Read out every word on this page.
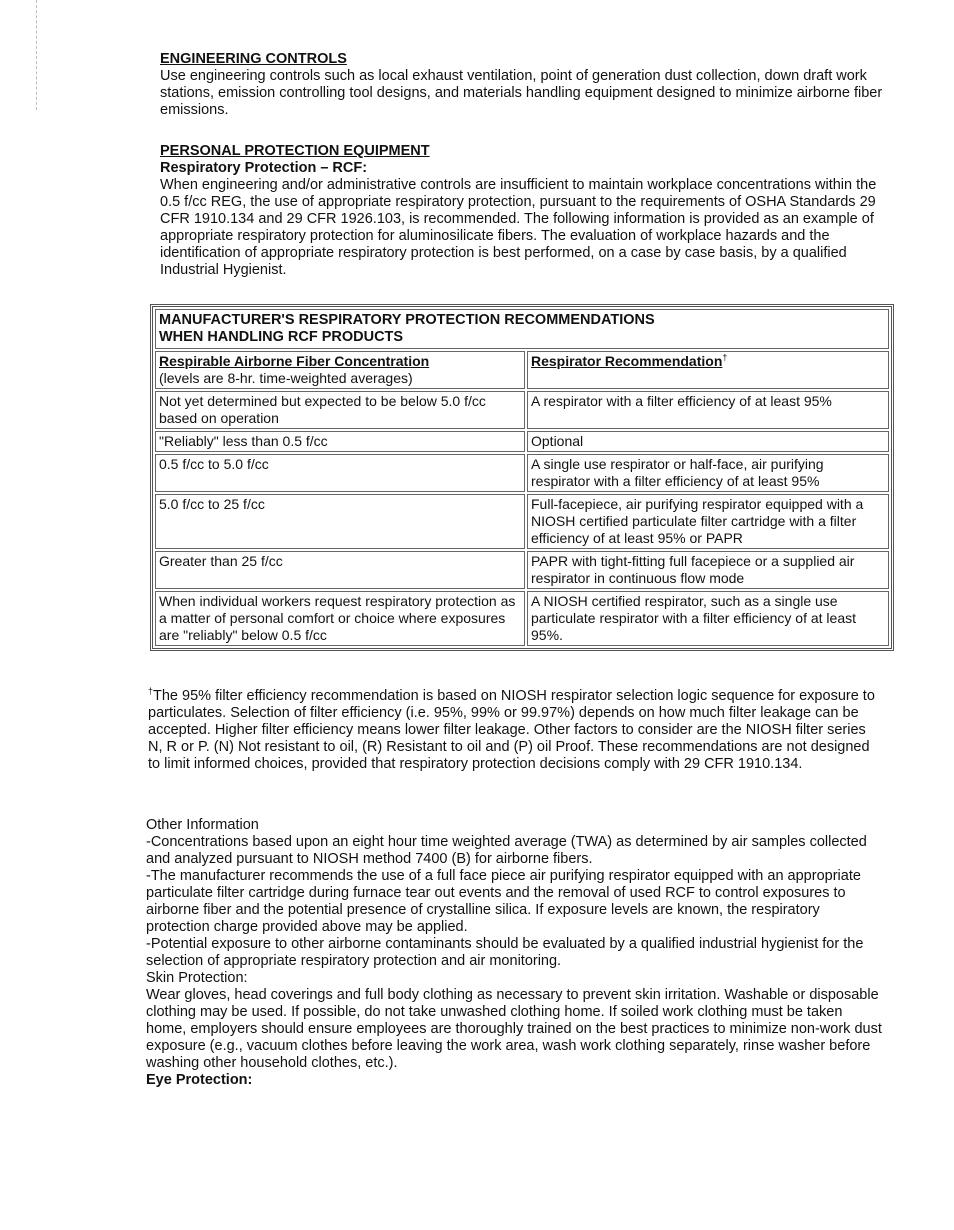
ENGINEERING CONTROLS

Use engineering controls such as local exhaust ventilation, point of generation dust collection, down draft work stations, emission controlling tool designs, and materials handling equipment designed to minimize airborne fiber emissions.

PERSONAL PROTECTION EQUIPMENT
Respiratory Protection – RCF:

When engineering and/or administrative controls are insufficient to maintain workplace concentrations within the 0.5 f/cc REG, the use of appropriate respiratory protection, pursuant to the requirements of OSHA Standards 29 CFR 1910.134 and 29 CFR 1926.103, is recommended. The following information is provided as an example of appropriate respiratory protection for aluminosilicate fibers. The evaluation of workplace hazards and the identification of appropriate respiratory protection is best performed, on a case by case basis, by a qualified Industrial Hygienist.

MANUFACTURER'S RESPIRATORY PROTECTION RECOMMENDATIONS
WHEN HANDLING RCF PRODUCTS	

Respirable Airborne Fiber Concentration
(levels are 8-hr. time-weighted averages)	Respirator Recommendation†
Not yet determined but expected to be below 5.0 f/cc based on operation	A respirator with a filter efficiency of at least 95%
"Reliably" less than 0.5 f/cc	Optional
0.5 f/cc to 5.0 f/cc	A single use respirator or half-face, air purifying respirator with a filter efficiency of at least 95%
5.0 f/cc to 25 f/cc	Full-facepiece, air purifying respirator equipped with a NIOSH certified particulate filter cartridge with a filter efficiency of at least 95% or PAPR
Greater than 25 f/cc	PAPR with tight-fitting full facepiece or a supplied air respirator in continuous flow mode
When individual workers request respiratory protection as a matter of personal comfort or choice where exposures are "reliably" below 0.5 f/cc	A NIOSH certified respirator, such as a single use particulate respirator with a filter efficiency of at least 95%.

†The 95% filter efficiency recommendation is based on NIOSH respirator selection logic sequence for exposure to particulates. Selection of filter efficiency (i.e. 95%, 99% or 99.97%) depends on how much filter leakage can be accepted. Higher filter efficiency means lower filter leakage. Other factors to consider are the NIOSH filter series N, R or P. (N) Not resistant to oil, (R) Resistant to oil and (P) oil Proof. These recommendations are not designed to limit informed choices, provided that respiratory protection decisions comply with 29 CFR 1910.134.

Other Information

-Concentrations based upon an eight hour time weighted average (TWA) as determined by air samples collected and analyzed pursuant to NIOSH method 7400 (B) for airborne fibers.

-The manufacturer recommends the use of a full face piece air purifying respirator equipped with an appropriate particulate filter cartridge during furnace tear out events and the removal of used RCF to control exposures to airborne fiber and the potential presence of crystalline silica. If exposure levels are known, the respiratory protection charge provided above may be applied.

-Potential exposure to other airborne contaminants should be evaluated by a qualified industrial hygienist for the selection of appropriate respiratory protection and air monitoring.

Skin Protection:

Wear gloves, head coverings and full body clothing as necessary to prevent skin irritation. Washable or disposable clothing may be used. If possible, do not take unwashed clothing home. If soiled work clothing must be taken home, employers should ensure employees are thoroughly trained on the best practices to minimize non-work dust exposure (e.g., vacuum clothes before leaving the work area, wash work clothing separately, rinse washer before washing other household clothes, etc.).

Eye Protection:
